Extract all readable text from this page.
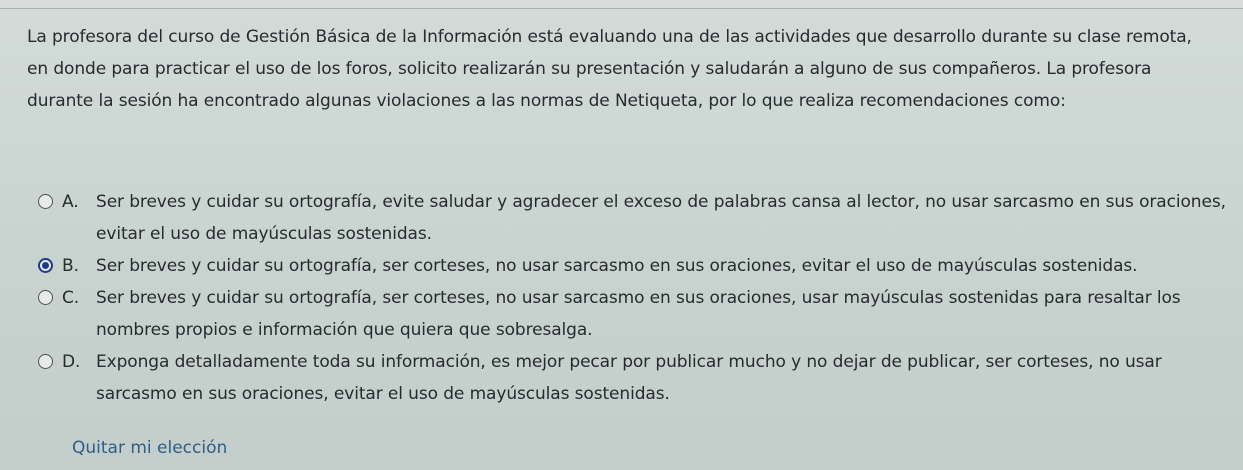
La profesora del curso de Gestión Básica de la Información está evaluando una de las actividades que desarrollo durante su clase remota, en donde para practicar el uso de los foros, solicito realizarán su presentación y saludarán a alguno de sus compañeros. La profesora durante la sesión ha encontrado algunas violaciones a las normas de Netiqueta, por lo que realiza recomendaciones como:
A.	Ser breves y cuidar su ortografía, evite saludar y agradecer el exceso de palabras cansa al lector, no usar sarcasmo en sus oraciones, evitar el uso de mayúsculas sostenidas.
B.	Ser breves y cuidar su ortografía, ser corteses, no usar sarcasmo en sus oraciones, evitar el uso de mayúsculas sostenidas.
C. Ser breves y cuidar su ortografía, ser corteses, no usar sarcasmo en sus oraciones, usar mayúsculas sostenidas para resaltar los nombres propios e información que quiera que sobresalga.
D. Exponga detalladamente toda su información, es mejor pecar por publicar mucho y no dejar de publicar, ser corteses, no usar sarcasmo en sus oraciones, evitar el uso de mayúsculas sostenidas.
Quitar mi elección
